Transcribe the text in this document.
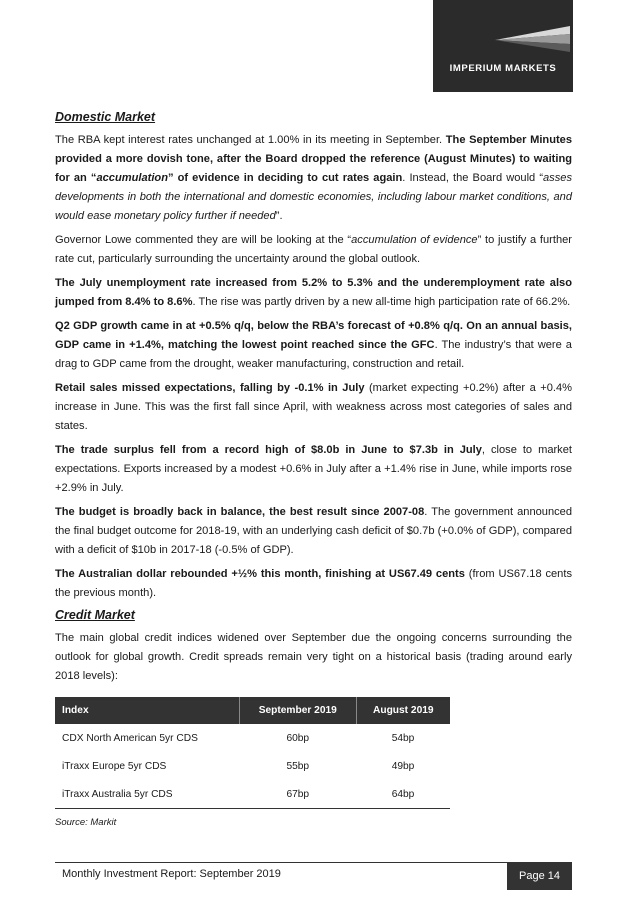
IMPERIUM MARKETS
Domestic Market

The RBA kept interest rates unchanged at 1.00% in its meeting in September. The September Minutes provided a more dovish tone, after the Board dropped the reference (August Minutes) to waiting for an “accumulation” of evidence in deciding to cut rates again. Instead, the Board would “asses developments in both the international and domestic economies, including labour market conditions, and would ease monetary policy further if needed”.

Governor Lowe commented they are will be looking at the “accumulation of evidence” to justify a further rate cut, particularly surrounding the uncertainty around the global outlook.

The July unemployment rate increased from 5.2% to 5.3% and the underemployment rate also jumped from 8.4% to 8.6%. The rise was partly driven by a new all-time high participation rate of 66.2%.

Q2 GDP growth came in at +0.5% q/q, below the RBA’s forecast of +0.8% q/q. On an annual basis, GDP came in +1.4%, matching the lowest point reached since the GFC. The industry’s that were a drag to GDP came from the drought, weaker manufacturing, construction and retail.

Retail sales missed expectations, falling by -0.1% in July (market expecting +0.2%) after a +0.4% increase in June. This was the first fall since April, with weakness across most categories of sales and states.

The trade surplus fell from a record high of $8.0b in June to $7.3b in July, close to market expectations. Exports increased by a modest +0.6% in July after a +1.4% rise in June, while imports rose +2.9% in July.

The budget is broadly back in balance, the best result since 2007-08. The government announced the final budget outcome for 2018-19, with an underlying cash deficit of $0.7b (+0.0% of GDP), compared with a deficit of $10b in 2017-18 (-0.5% of GDP).

The Australian dollar rebounded +½% this month, finishing at US67.49 cents (from US67.18 cents the previous month).

Credit Market

The main global credit indices widened over September due the ongoing concerns surrounding the outlook for global growth. Credit spreads remain very tight on a historical basis (trading around early 2018 levels):

Index	September 2019	August 2019
CDX North American 5yr CDS	60bp	54bp
iTraxx Europe 5yr CDS	55bp	49bp
iTraxx Australia 5yr CDS	67bp	64bp
Source: Markit
Monthly Investment Report: September 2019	Page 14
